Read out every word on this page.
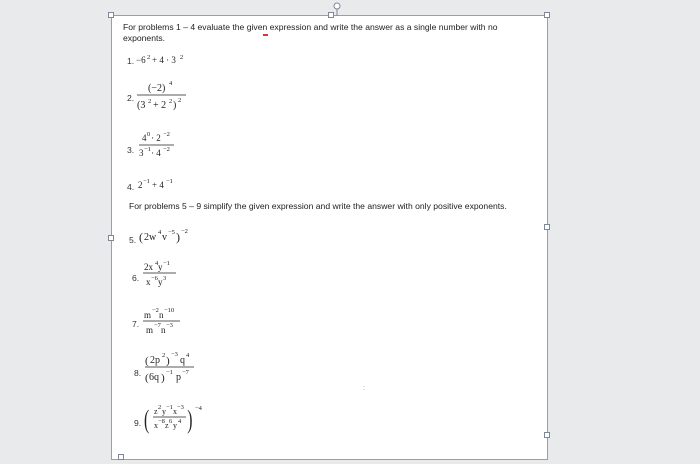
For problems 1 – 4 evaluate the given expression and write the answer as a single number with no
exponents.
1. −6 2 + 4 · 3 2
2.
(−2) 4
(3 2 + 2 2 ) 2
3.
4 0 · 2 −2
3 −1 · 4 −2
4. 2 −1 + 4 −1
For problems 5 – 9 simplify the given expression and write the answer with only positive exponents.
5. ( 2w 4 v −5 ) −2
6.
2x 4 y −1
x −6 y 3
7.
m −2 n −10
m −7 n −3
8.
( 2p 2 )
−3
q 4
( 6q ) −1 p −7
9. ( z 2 y −1 x −3
x −8 z 6 y 4 ) −4
:
